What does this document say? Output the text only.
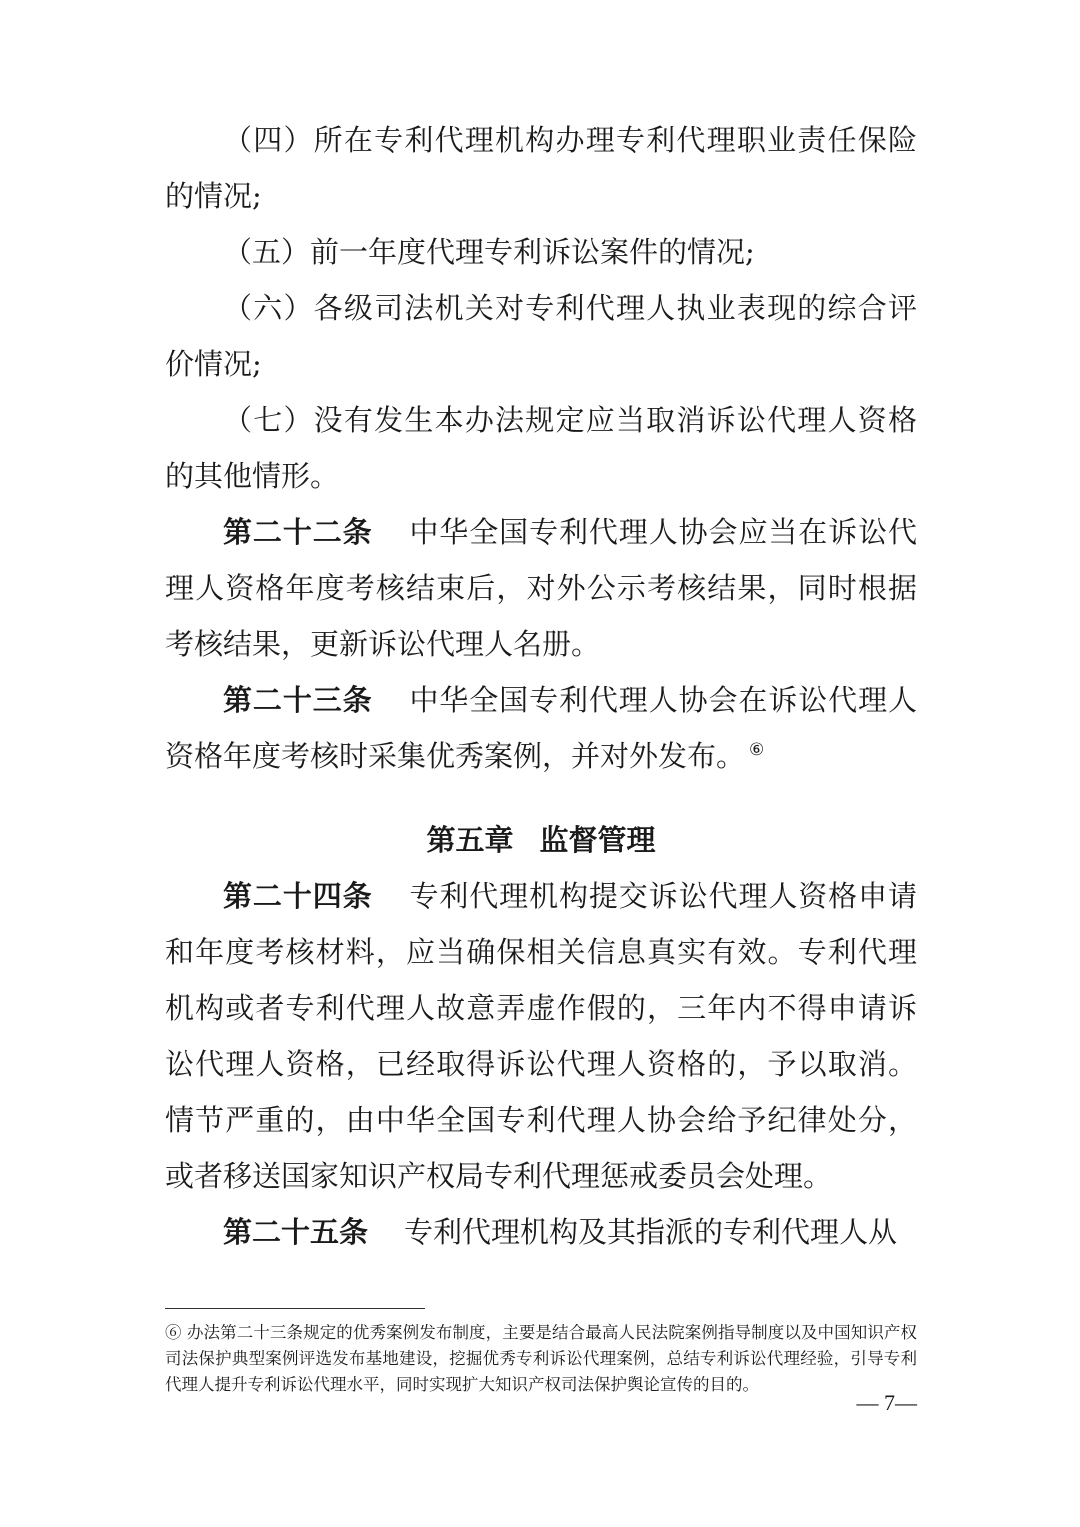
（四）所在专利代理机构办理专利代理职业责任保险的情况;

（五）前一年度代理专利诉讼案件的情况;

（六）各级司法机关对专利代理人执业表现的综合评价情况;

（七）没有发生本办法规定应当取消诉讼代理人资格的其他情形。

第二十二条 中华全国专利代理人协会应当在诉讼代理人资格年度考核结束后，对外公示考核结果，同时根据考核结果，更新诉讼代理人名册。

第二十三条 中华全国专利代理人协会在诉讼代理人资格年度考核时采集优秀案例，并对外发布。 ⑥

第五章 监督管理

第二十四条 专利代理机构提交诉讼代理人资格申请和年度考核材料，应当确保相关信息真实有效。专利代理机构或者专利代理人故意弄虚作假的，三年内不得申请诉讼代理人资格，已经取得诉讼代理人资格的，予以取消。情节严重的，由中华全国专利代理人协会给予纪律处分，或者移送国家知识产权局专利代理惩戒委员会处理。

第二十五条 专利代理机构及其指派的专利代理人从

⑥ 办法第二十三条规定的优秀案例发布制度，主要是结合最高人民法院案例指导制度以及中国知识产权司法保护典型案例评选发布基地建设，挖掘优秀专利诉讼代理案例，总结专利诉讼代理经验，引导专利代理人提升专利诉讼代理水平，同时实现扩大知识产权司法保护舆论宣传的目的。

— 7—
